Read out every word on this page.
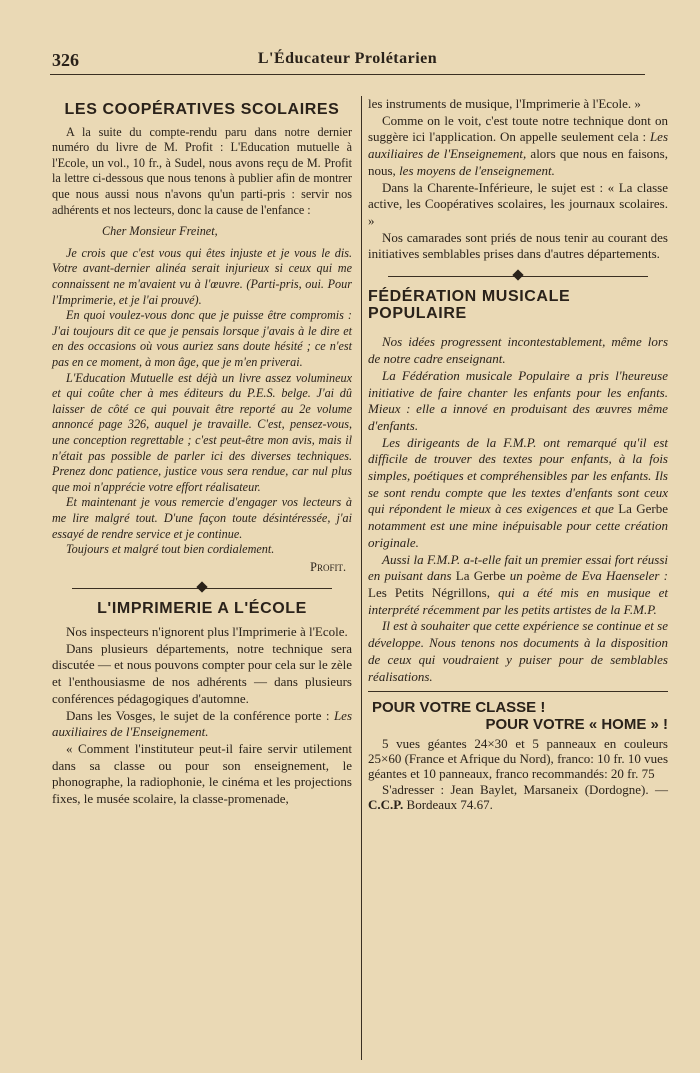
326	L'Éducateur Prolétarien
LES COOPÉRATIVES SCOLAIRES

A la suite du compte-rendu paru dans notre dernier numéro du livre de M. Profit : L'Education mutuelle à l'Ecole, un vol., 10 fr., à Sudel, nous avons reçu de M. Profit la lettre ci-dessous que nous tenons à publier afin de montrer que nous aussi nous n'avons qu'un parti-pris : servir nos adhérents et nos lecteurs, donc la cause de l'enfance :

Cher Monsieur Freinet,

Je crois que c'est vous qui êtes injuste et je vous le dis. Votre avant-dernier alinéa serait injurieux si ceux qui me connaissent ne m'avaient vu à l'œuvre. (Parti-pris, oui. Pour l'Imprimerie, et je l'ai prouvé).

En quoi voulez-vous donc que je puisse être compromis : J'ai toujours dit ce que je pensais lorsque j'avais à le dire et en des occasions où vous auriez sans doute hésité ; ce n'est pas en ce moment, à mon âge, que je m'en priverai.

L'Education Mutuelle est déjà un livre assez volumineux et qui coûte cher à mes éditeurs du P.E.S. belge. J'ai dû laisser de côté ce qui pouvait être reporté au 2e volume annoncé page 326, auquel je travaille. C'est, pensez-vous, une conception regrettable ; c'est peut-être mon avis, mais il n'était pas possible de parler ici des diverses techniques. Prenez donc patience, justice vous sera rendue, car nul plus que moi n'apprécie votre effort réalisateur.

Et maintenant je vous remercie d'engager vos lecteurs à me lire malgré tout. D'une façon toute désintéressée, j'ai essayé de rendre service et je continue.

Toujours et malgré tout bien cordialement.

Profit.

L'IMPRIMERIE A L'ÉCOLE

Nos inspecteurs n'ignorent plus l'Imprimerie à l'Ecole.

Dans plusieurs départements, notre technique sera discutée — et nous pouvons compter pour cela sur le zèle et l'enthousiasme de nos adhérents — dans plusieurs conférences pédagogiques d'automne.

Dans les Vosges, le sujet de la conférence porte : Les auxiliaires de l'Enseignement.

« Comment l'instituteur peut-il faire servir utilement dans sa classe ou pour son enseignement, le phonographe, la radiophonie, le cinéma et les projections fixes, le musée scolaire, la classe-promenade,

les instruments de musique, l'Imprimerie à l'Ecole. »

Comme on le voit, c'est toute notre technique dont on suggère ici l'application. On appelle seulement cela : Les auxiliaires de l'Enseignement, alors que nous en faisons, nous, les moyens de l'enseignement.

Dans la Charente-Inférieure, le sujet est : « La classe active, les Coopératives scolaires, les journaux scolaires. »

Nos camarades sont priés de nous tenir au courant des initiatives semblables prises dans d'autres départements.

FÉDÉRATION MUSICALE POPULAIRE

Nos idées progressent incontestablement, même lors de notre cadre enseignant.

La Fédération musicale Populaire a pris l'heureuse initiative de faire chanter les enfants pour les enfants. Mieux : elle a innové en produisant des œuvres même d'enfants.

Les dirigeants de la F.M.P. ont remarqué qu'il est difficile de trouver des textes pour enfants, à la fois simples, poétiques et compréhensibles par les enfants. Ils se sont rendu compte que les textes d'enfants sont ceux qui répondent le mieux à ces exigences et que La Gerbe notamment est une mine inépuisable pour cette création originale.

Aussi la F.M.P. a-t-elle fait un premier essai fort réussi en puisant dans La Gerbe un poème de Eva Haenseler : Les Petits Négrillons, qui a été mis en musique et interprété récemment par les petits artistes de la F.M.P.

Il est à souhaiter que cette expérience se continue et se développe. Nous tenons nos documents à la disposition de ceux qui voudraient y puiser pour de semblables réalisations.

POUR VOTRE CLASSE !
POUR VOTRE « HOME » !

5 vues géantes 24×30 et 5 panneaux en couleurs 25×60 (France et Afrique du Nord), franco: 10 fr. 10 vues géantes et 10 panneaux, franco recommandés: 20 fr. 75

S'adresser : Jean Baylet, Marsaneix (Dordogne). — C.C.P. Bordeaux 74.67.
